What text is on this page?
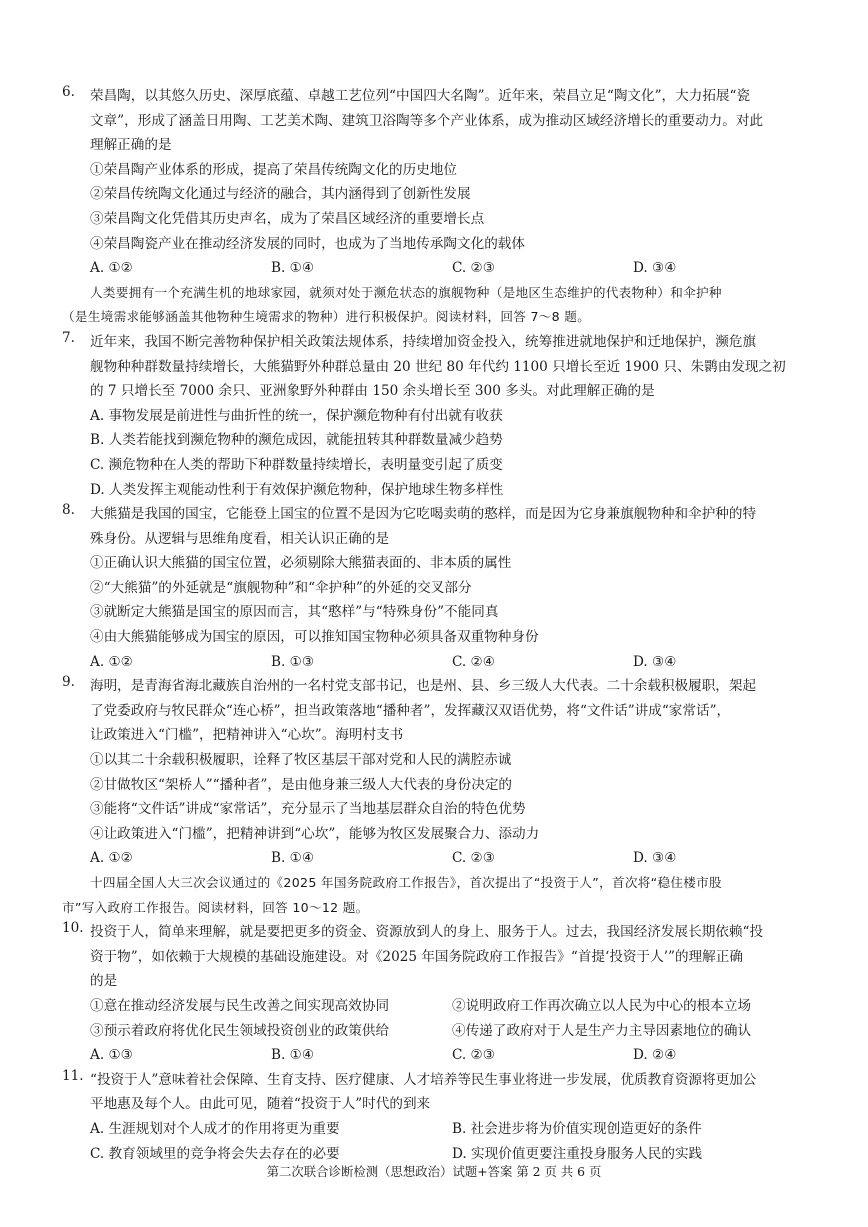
6. 荣昌陶，以其悠久历史、深厚底蕴、卓越工艺位列“中国四大名陶”。近年来，荣昌立足“陶文化”，大力拓展“瓷
文章”，形成了涵盖日用陶、工艺美术陶、建筑卫浴陶等多个产业体系，成为推动区域经济增长的重要动力。对此
理解正确的是
①荣昌陶产业体系的形成，提高了荣昌传统陶文化的历史地位
②荣昌传统陶文化通过与经济的融合，其内涵得到了创新性发展
③荣昌陶文化凭借其历史声名，成为了荣昌区域经济的重要增长点
④荣昌陶瓷产业在推动经济发展的同时，也成为了当地传承陶文化的载体
A. ①②	B. ①④	C. ②③	D. ③④
人类要拥有一个充满生机的地球家园，就须对处于濒危状态的旗舰物种（是地区生态维护的代表物种）和伞护种
（是生境需求能够涵盖其他物种生境需求的物种）进行积极保护。阅读材料，回答 7～8 题。
7. 近年来，我国不断完善物种保护相关政策法规体系，持续增加资金投入，统筹推进就地保护和迁地保护，濒危旗
舰物种种群数量持续增长，大熊猫野外种群总量由 20 世纪 80 年代约 1100 只增长至近 1900 只、朱鹮由发现之初
的 7 只增长至 7000 余只、亚洲象野外种群由 150 余头增长至 300 多头。对此理解正确的是
A. 事物发展是前进性与曲折性的统一，保护濒危物种有付出就有收获
B. 人类若能找到濒危物种的濒危成因，就能扭转其种群数量减少趋势
C. 濒危物种在人类的帮助下种群数量持续增长，表明量变引起了质变
D. 人类发挥主观能动性利于有效保护濒危物种，保护地球生物多样性
8. 大熊猫是我国的国宝，它能登上国宝的位置不是因为它吃喝卖萌的憨样，而是因为它身兼旗舰物种和伞护种的特
殊身份。从逻辑与思维角度看，相关认识正确的是
①正确认识大熊猫的国宝位置，必须剔除大熊猫表面的、非本质的属性
②“大熊猫”的外延就是“旗舰物种”和“伞护种”的外延的交叉部分
③就断定大熊猫是国宝的原因而言，其“憨样”与“特殊身份”不能同真
④由大熊猫能够成为国宝的原因，可以推知国宝物种必须具备双重物种身份
A. ①②	B. ①③	C. ②④	D. ③④
9. 海明，是青海省海北藏族自治州的一名村党支部书记，也是州、县、乡三级人大代表。二十余载积极履职，架起
了党委政府与牧民群众“连心桥”，担当政策落地“播种者”，发挥藏汉双语优势，将“文件话”讲成“家常话”，
让政策进入“门槛”，把精神讲入“心坎”。海明村支书
①以其二十余载积极履职，诠释了牧区基层干部对党和人民的满腔赤诚
②甘做牧区“架桥人”“播种者”，是由他身兼三级人大代表的身份决定的
③能将“文件话”讲成“家常话”，充分显示了当地基层群众自治的特色优势
④让政策进入“门槛”，把精神讲到“心坎”，能够为牧区发展聚合力、添动力
A. ①②	B. ①④	C. ②③	D. ③④
十四届全国人大三次会议通过的《2025 年国务院政府工作报告》，首次提出了“投资于人”，首次将“稳住楼市股
市”写入政府工作报告。阅读材料，回答 10～12 题。
10. 投资于人，简单来理解，就是要把更多的资金、资源放到人的身上、服务于人。过去，我国经济发展长期依赖“投
资于物”，如依赖于大规模的基础设施建设。对《2025 年国务院政府工作报告》“首提‘投资于人’”的理解正确
的是
①意在推动经济发展与民生改善之间实现高效协同	②说明政府工作再次确立以人民为中心的根本立场
③预示着政府将优化民生领域投资创业的政策供给	④传递了政府对于人是生产力主导因素地位的确认
A. ①③	B. ①④	C. ②③	D. ②④
11. “投资于人”意味着社会保障、生育支持、医疗健康、人才培养等民生事业将进一步发展，优质教育资源将更加公
平地惠及每个人。由此可见，随着“投资于人”时代的到来
A. 生涯规划对个人成才的作用将更为重要	B. 社会进步将为价值实现创造更好的条件
C. 教育领域里的竞争将会失去存在的必要	D. 实现价值更要注重投身服务人民的实践
第二次联合诊断检测（思想政治）试题+答案 第 2 页 共 6 页
